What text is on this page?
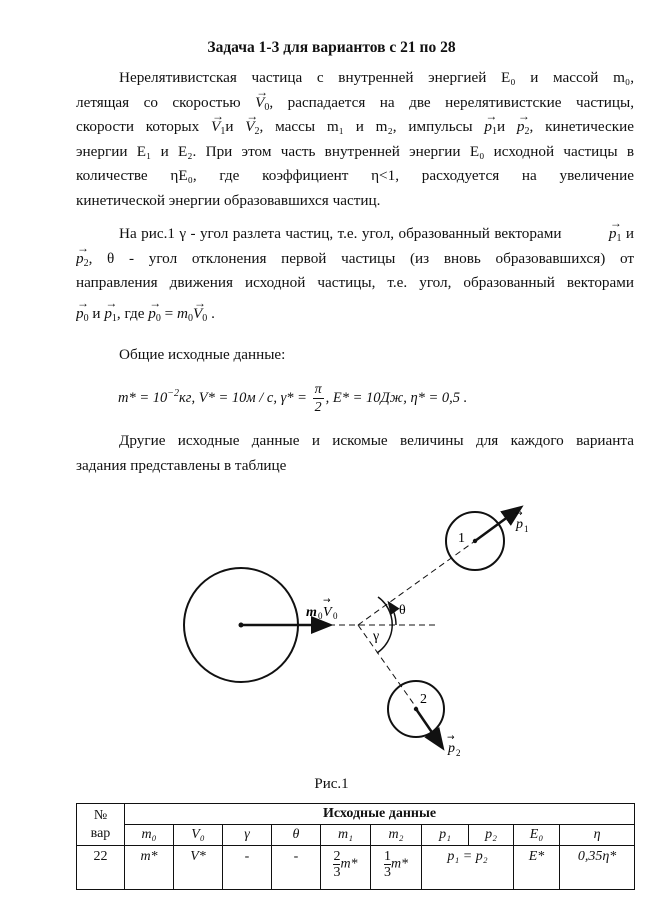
Задача 1-3 для вариантов с 21 по 28
Нерелятивистская частица с внутренней энергией E₀ и массой m₀,
летящая со скоростью → $V_0$, распадается на две нерелятивистские частицы,
скорости которых → $V_1и \to V_2$, массы m₁ и m₂, импульсы → $p_1и \to p_2$, кинетические
энергии E₁ и E₂. При этом часть внутренней энергии E₀ исходной частицы в
количестве ηE₀, где коэффициент η<1, расходуется на увеличение
кинетической энергии образовавшихся частиц.
На рис.1 γ - угол разлета частиц, т.е. угол, образованный векторами	→ $p_1$ и
→ $p_2$, θ - угол отклонения первой частицы (из вновь образовавшихся) от
направления движения исходной частицы, т.е. угол, образованный векторами
→ $p_0$ $и \to p_1$, где → $p_0 = m_0\to V_0$ .
Общие исходные данные:
$m* = 10^{-2}кг$, V* = 10м / с, $\gamma* = \frac{\pi}{2}$ , E* = 10Дж, η* = 0,5 .
Другие исходные данные и искомые величины для каждого варианта
задания представлены в таблице
θ
γ
1
2
→
p 1
→
p 2
m 0
→
V 0
Рис.1
№
вар	Исходные данные									
	m₀	V₀	γ	θ	m₁	m₂	p₁	p₂	E₀	η
22	m*	V*	-	-	$\frac{2}{3} m*$	$\frac{1}{3} m*$	p₁ = p₂		E*	0,35η*
